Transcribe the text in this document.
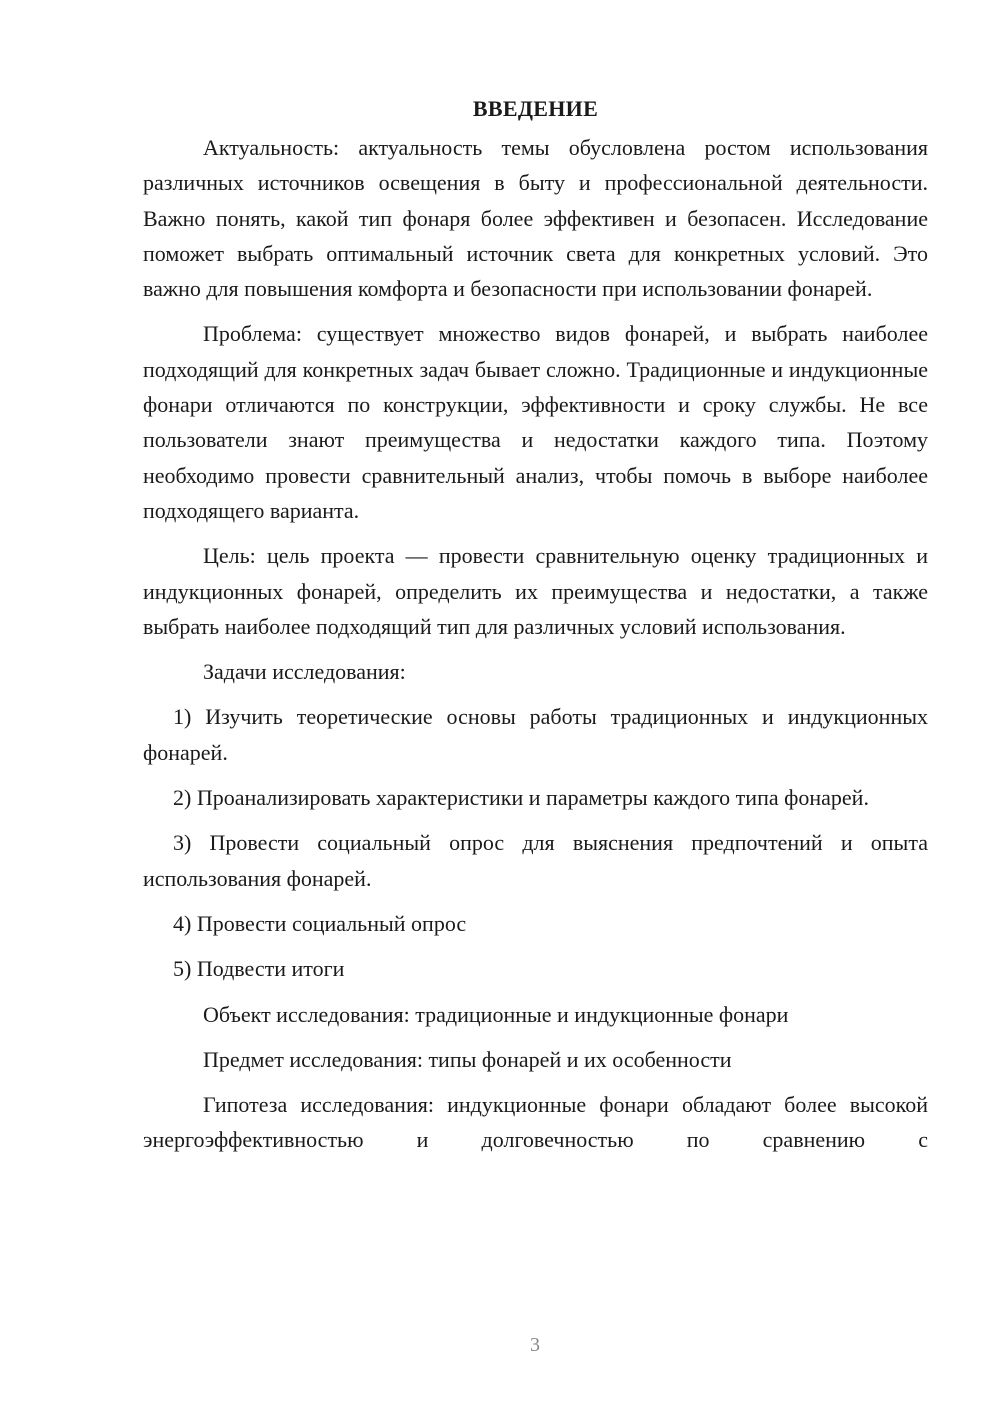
ВВЕДЕНИЕ

Актуальность: актуальность темы обусловлена ростом использования различных источников освещения в быту и профессиональной деятельности. Важно понять, какой тип фонаря более эффективен и безопасен. Исследование поможет выбрать оптимальный источник света для конкретных условий. Это важно для повышения комфорта и безопасности при использовании фонарей.

Проблема: существует множество видов фонарей, и выбрать наиболее подходящий для конкретных задач бывает сложно. Традиционные и индукционные фонари отличаются по конструкции, эффективности и сроку службы. Не все пользователи знают преимущества и недостатки каждого типа. Поэтому необходимо провести сравнительный анализ, чтобы помочь в выборе наиболее подходящего варианта.

Цель: цель проекта — провести сравнительную оценку традиционных и индукционных фонарей, определить их преимущества и недостатки, а также выбрать наиболее подходящий тип для различных условий использования.

Задачи исследования:

1) Изучить теоретические основы работы традиционных и индукционных фонарей.

2) Проанализировать характеристики и параметры каждого типа фонарей.

3) Провести социальный опрос для выяснения предпочтений и опыта использования фонарей.

4) Провести социальный опрос

5) Подвести итоги

Объект исследования: традиционные и индукционные фонари

Предмет исследования: типы фонарей и их особенности

Гипотеза исследования: индукционные фонари обладают более высокой энергоэффективностью и долговечностью по сравнению с

3
